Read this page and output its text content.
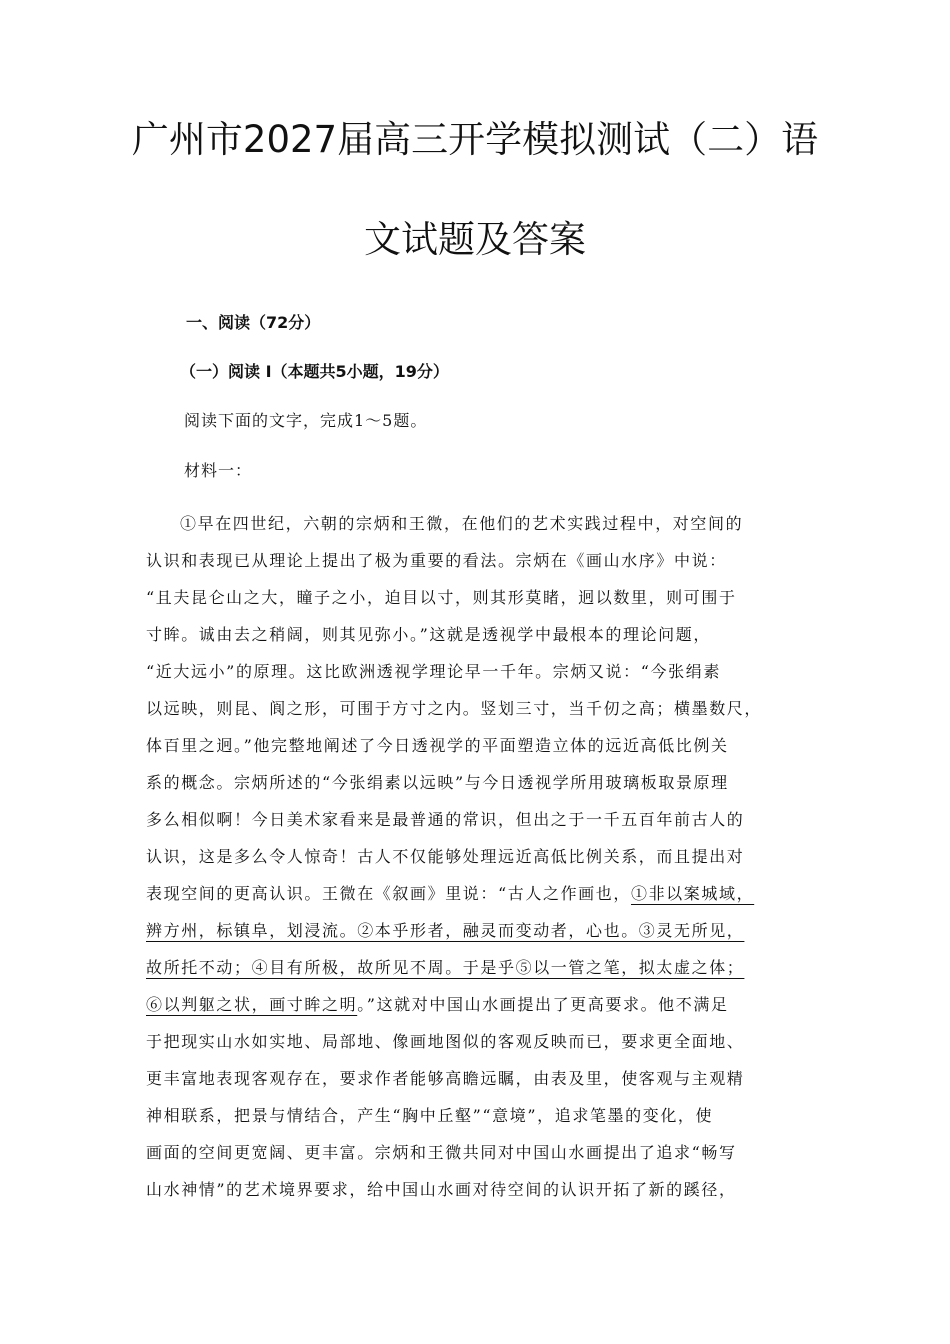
广州市2027届高三开学模拟测试（二）语
文试题及答案
一、阅读（72分）
（一）阅读 I（本题共5小题，19分）
阅读下面的文字，完成1～5题。
材料一：
①早在四世纪，六朝的宗炳和王微，在他们的艺术实践过程中，对空间的
认识和表现已从理论上提出了极为重要的看法。宗炳在《画山水序》中说：
“且夫昆仑山之大，瞳子之小，迫目以寸，则其形莫睹，迥以数里，则可围于
寸眸。诚由去之稍阔，则其见弥小。”这就是透视学中最根本的理论问题，
“近大远小”的原理。这比欧洲透视学理论早一千年。宗炳又说：“今张绢素
以远映，则昆、阆之形，可围于方寸之内。竖划三寸，当千仞之高；横墨数尺，
体百里之迥。”他完整地阐述了今日透视学的平面塑造立体的远近高低比例关
系的概念。宗炳所述的“今张绢素以远映”与今日透视学所用玻璃板取景原理
多么相似啊！今日美术家看来是最普通的常识，但出之于一千五百年前古人的
认识，这是多么令人惊奇！古人不仅能够处理远近高低比例关系，而且提出对
表现空间的更高认识。王微在《叙画》里说：“古人之作画也，①非以案城域，
辨方州，标镇阜，划浸流。②本乎形者，融灵而变动者，心也。③灵无所见，
故所托不动；④目有所极，故所见不周。于是乎⑤以一管之笔，拟太虚之体；
⑥以判躯之状，画寸眸之明。”这就对中国山水画提出了更高要求。他不满足
于把现实山水如实地、局部地、像画地图似的客观反映而已，要求更全面地、
更丰富地表现客观存在，要求作者能够高瞻远瞩，由表及里，使客观与主观精
神相联系，把景与情结合，产生“胸中丘壑”“意境”，追求笔墨的变化，使
画面的空间更宽阔、更丰富。宗炳和王微共同对中国山水画提出了追求“畅写
山水神情”的艺术境界要求，给中国山水画对待空间的认识开拓了新的蹊径，
